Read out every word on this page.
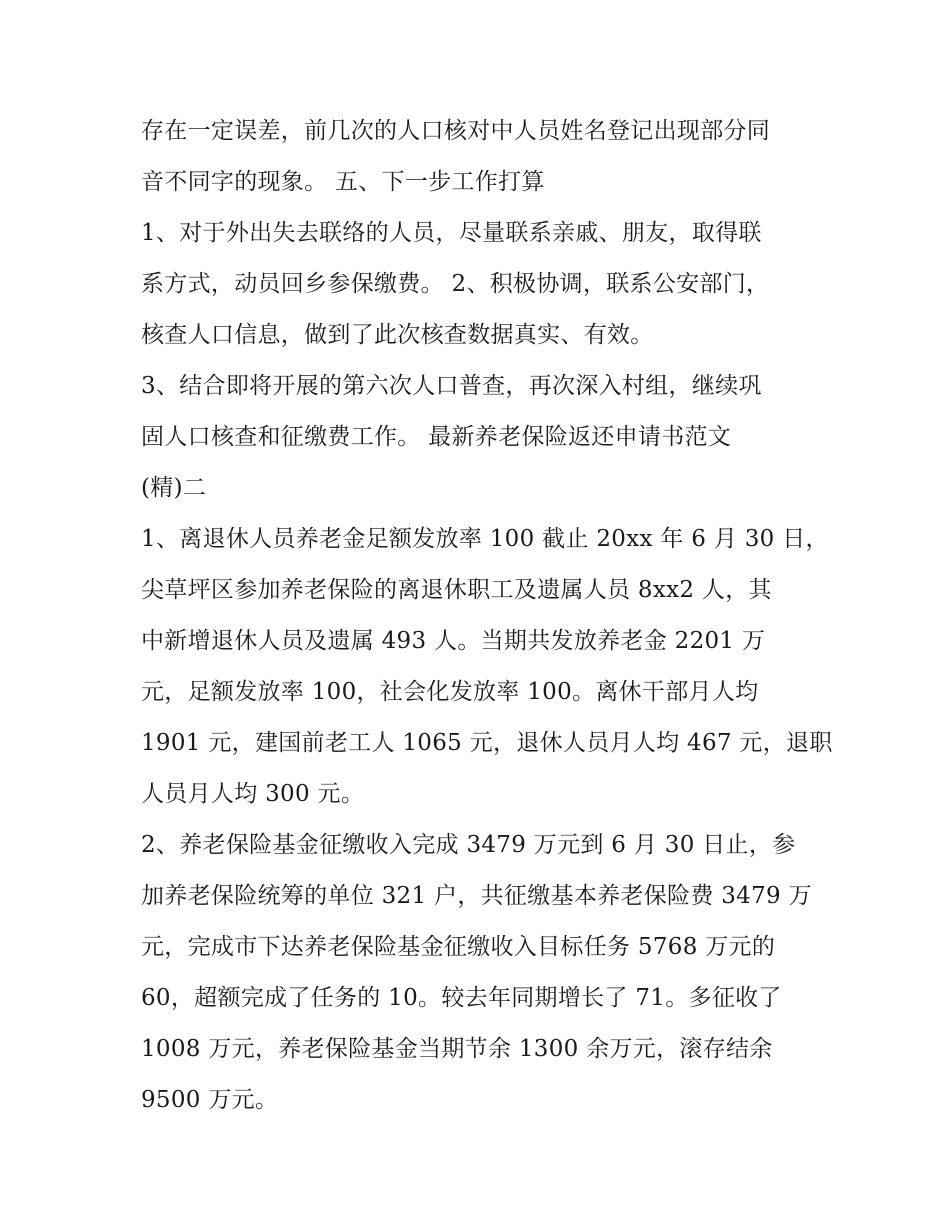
存在一定误差，前几次的人口核对中人员姓名登记出现部分同
音不同字的现象。 五、下一步工作打算
1、对于外出失去联络的人员，尽量联系亲戚、朋友，取得联
系方式，动员回乡参保缴费。 2、积极协调，联系公安部门，
核查人口信息，做到了此次核查数据真实、有效。
3、结合即将开展的第六次人口普查，再次深入村组，继续巩
固人口核查和征缴费工作。 最新养老保险返还申请书范文
(精)二
1、离退休人员养老金足额发放率 100 截止 20xx 年 6 月 30 日，
尖草坪区参加养老保险的离退休职工及遗属人员 8xx2 人，其
中新增退休人员及遗属 493 人。当期共发放养老金 2201 万
元，足额发放率 100，社会化发放率 100。离休干部月人均
1901 元，建国前老工人 1065 元，退休人员月人均 467 元，退职
人员月人均 300 元。
2、养老保险基金征缴收入完成 3479 万元到 6 月 30 日止，参
加养老保险统筹的单位 321 户，共征缴基本养老保险费 3479 万
元，完成市下达养老保险基金征缴收入目标任务 5768 万元的
60，超额完成了任务的 10。较去年同期增长了 71。多征收了
1008 万元，养老保险基金当期节余 1300 余万元，滚存结余
9500 万元。
